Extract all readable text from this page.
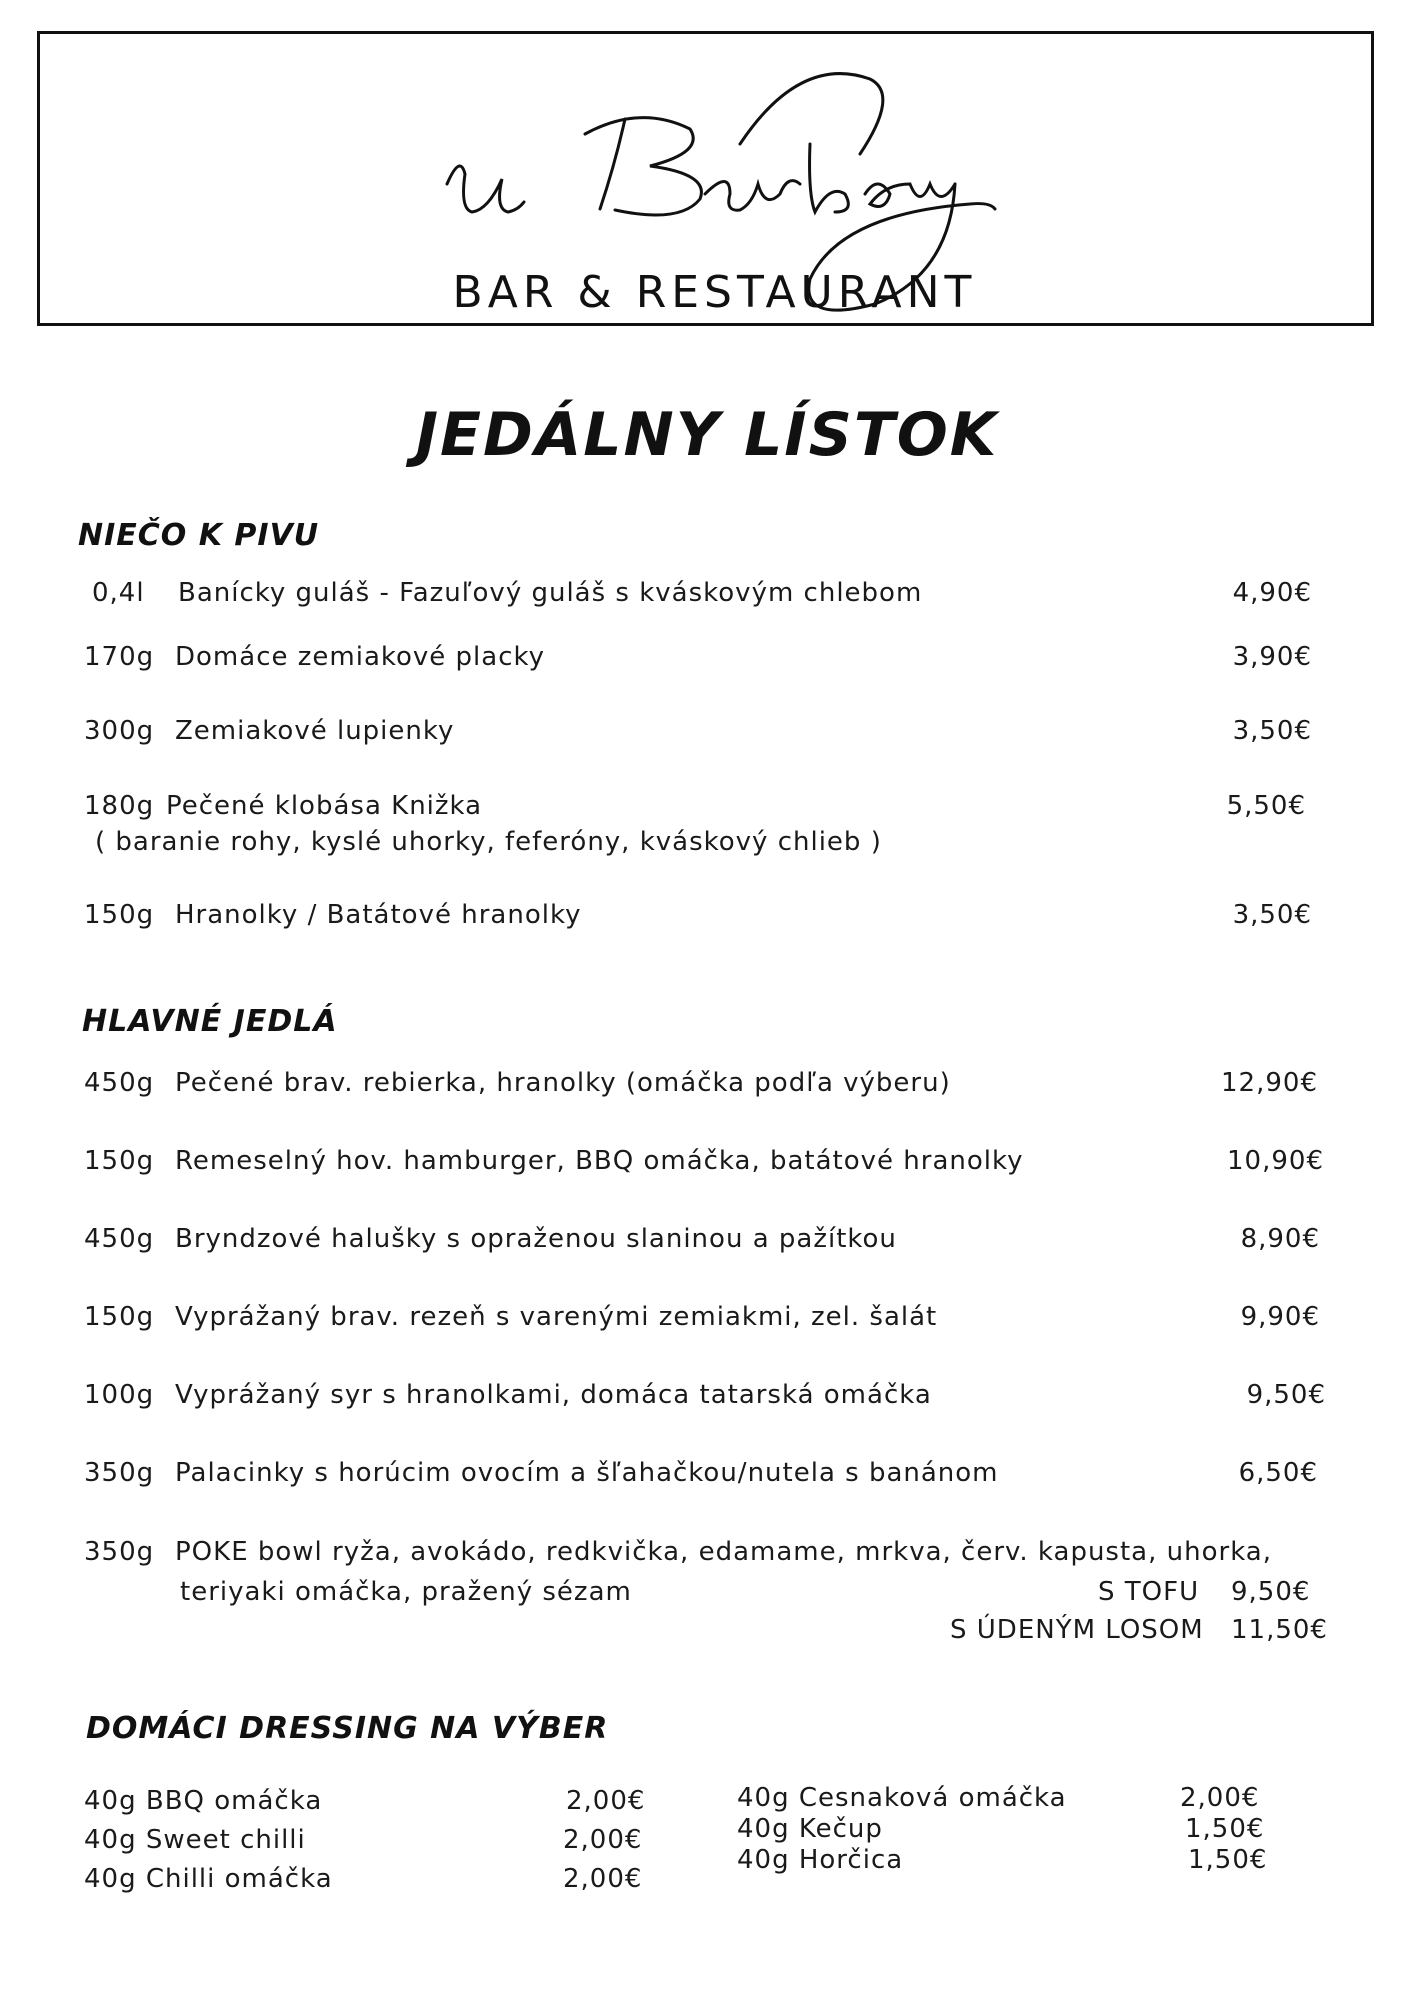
BAR & RESTAURANT
JEDÁLNY LÍSTOK
NIEČO K PIVU
0,4l Banícky guláš - Fazuľový guláš s kváskovým chlebom	4,90€
170g Domáce zemiakové placky	3,90€
300g Zemiakové lupienky	3,50€
180g Pečené klobása Knižka	5,50€
( baranie rohy, kyslé uhorky, feferóny, kváskový chlieb )
150g Hranolky / Batátové hranolky	3,50€
HLAVNÉ JEDLÁ
450g Pečené brav. rebierka, hranolky (omáčka podľa výberu)	12,90€
150g Remeselný hov. hamburger, BBQ omáčka, batátové hranolky	10,90€
450g Bryndzové halušky s opraženou slaninou a pažítkou	8,90€
150g Vyprážaný brav. rezeň s varenými zemiakmi, zel. šalát	9,90€
100g Vyprážaný syr s hranolkami, domáca tatarská omáčka	9,50€
350g Palacinky s horúcim ovocím a šľahačkou/nutela s banánom	6,50€
350g POKE bowl ryža, avokádo, redkvička, edamame, mrkva, červ. kapusta, uhorka,
teriyaki omáčka, pražený sézam	S TOFU 9,50€
S ÚDENÝM LOSOM 11,50€
DOMÁCI DRESSING NA VÝBER
40g BBQ omáčka	2,00€
40g Sweet chilli	2,00€
40g Chilli omáčka	2,00€
40g Cesnaková omáčka	2,00€
40g Kečup	1,50€
40g Horčica	1,50€
